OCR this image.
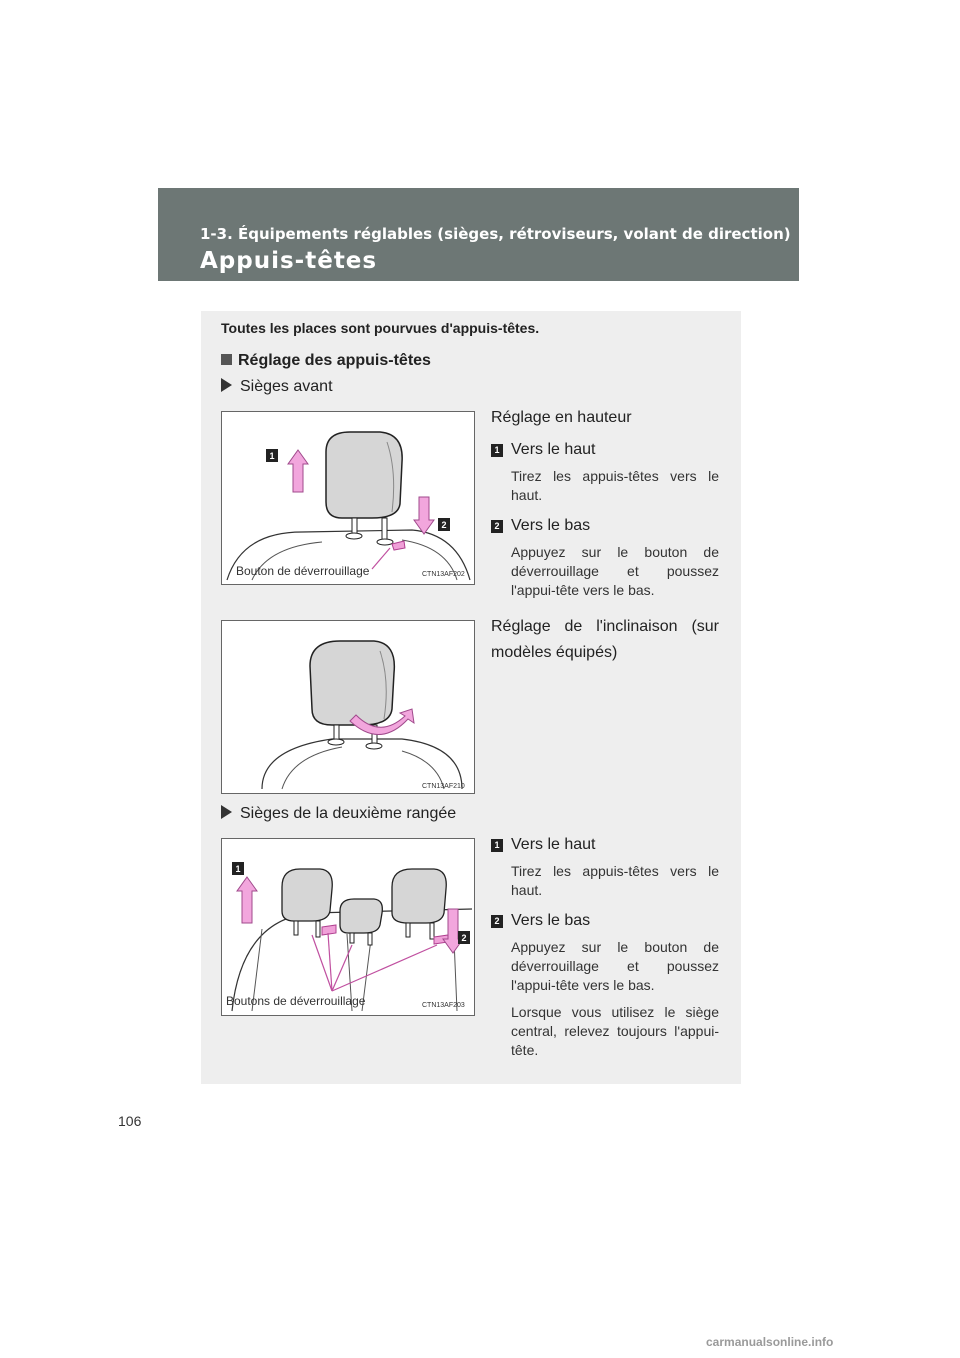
1-3. Équipements réglables (sièges, rétroviseurs, volant de direction)
Appuis-têtes
Toutes les places sont pourvues d'appuis-têtes.
Réglage des appuis-têtes
Sièges avant
1
2
Bouton de déverrouillage	CTN13AF202
Réglage en hauteur
1 Vers le haut
Tirez les appuis-têtes vers le haut.
2 Vers le bas
Appuyez sur le bouton de déverrouillage et poussez l'appui-tête vers le bas.
Réglage de l'inclinaison (sur modèles équipés)
CTN13AF210
Sièges de la deuxième rangée
1
2
Boutons de déverrouillage	CTN13AF203
1 Vers le haut
Tirez les appuis-têtes vers le haut.
2 Vers le bas
Appuyez sur le bouton de déverrouillage et poussez l'appui-tête vers le bas.
Lorsque vous utilisez le siège central, relevez toujours l'appui-tête.
106
carmanualsonline.info
